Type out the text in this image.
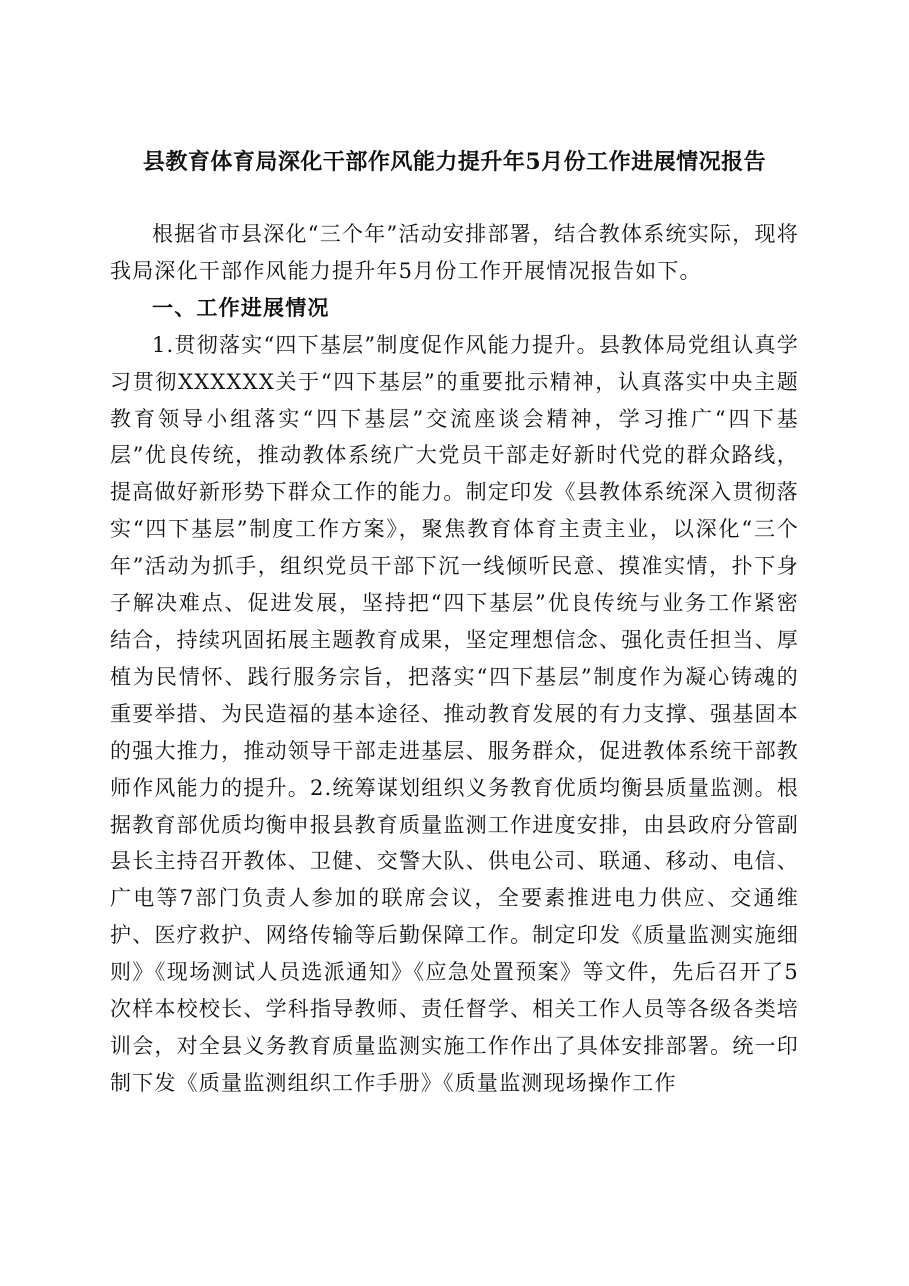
县教育体育局深化干部作风能力提升年5月份工作进展情况报告

根据省市县深化“三个年”活动安排部署，结合教体系统实际，现将我局深化干部作风能力提升年5月份工作开展情况报告如下。

一、工作进展情况

1.贯彻落实“四下基层”制度促作风能力提升。县教体局党组认真学习贯彻XXXXXX关于“四下基层”的重要批示精神，认真落实中央主题教育领导小组落实“四下基层”交流座谈会精神，学习推广“四下基层”优良传统，推动教体系统广大党员干部走好新时代党的群众路线，提高做好新形势下群众工作的能力。制定印发《县教体系统深入贯彻落实“四下基层”制度工作方案》，聚焦教育体育主责主业，以深化“三个年”活动为抓手，组织党员干部下沉一线倾听民意、摸准实情，扑下身子解决难点、促进发展，坚持把“四下基层”优良传统与业务工作紧密结合，持续巩固拓展主题教育成果，坚定理想信念、强化责任担当、厚植为民情怀、践行服务宗旨，把落实“四下基层”制度作为凝心铸魂的重要举措、为民造福的基本途径、推动教育发展的有力支撑、强基固本的强大推力，推动领导干部走进基层、服务群众，促进教体系统干部教师作风能力的提升。2.统筹谋划组织义务教育优质均衡县质量监测。根据教育部优质均衡申报县教育质量监测工作进度安排，由县政府分管副县长主持召开教体、卫健、交警大队、供电公司、联通、移动、电信、广电等7部门负责人参加的联席会议，全要素推进电力供应、交通维护、医疗救护、网络传输等后勤保障工作。制定印发《质量监测实施细则》《现场测试人员选派通知》《应急处置预案》等文件，先后召开了5次样本校校长、学科指导教师、责任督学、相关工作人员等各级各类培训会，对全县义务教育质量监测实施工作作出了具体安排部署。统一印制下发《质量监测组织工作手册》《质量监测现场操作工作
